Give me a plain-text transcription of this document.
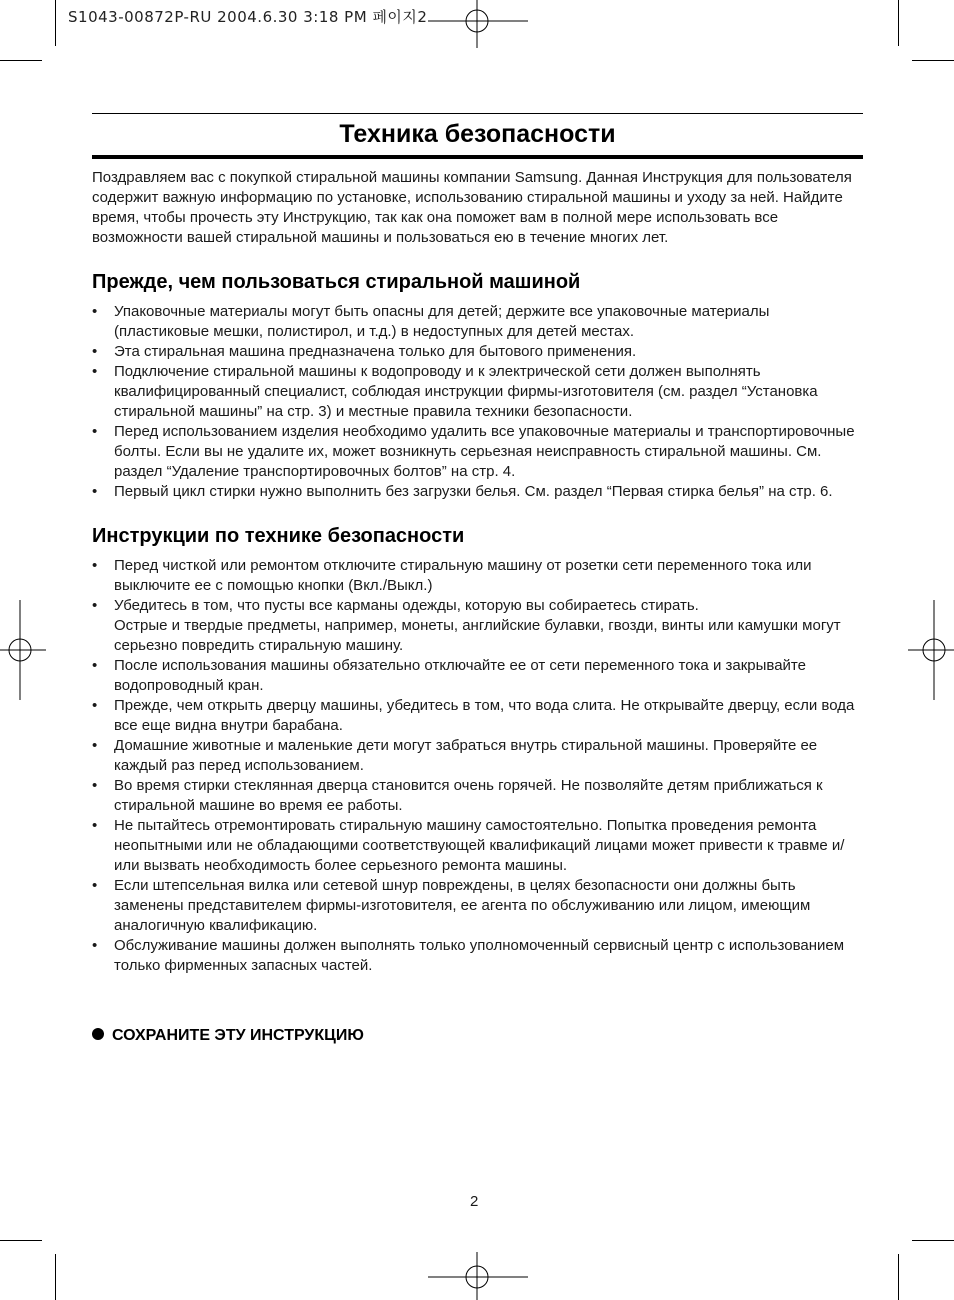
S1043-00872P-RU 2004.6.30 3:18 PM 페이지2
Техника безопасности

Поздравляем вас с покупкой стиральной машины компании Samsung. Данная Инструкция для пользователя содержит важную информацию по установке, использованию стиральной машины и уходу за ней. Найдите время, чтобы прочесть эту Инструкцию, так как она поможет вам в полной мере использовать все возможности вашей стиральной машины и пользоваться ею в течение многих лет.

Прежде, чем пользоваться стиральной машиной
• Упаковочные материалы могут быть опасны для детей; держите все упаковочные материалы (пластиковые мешки, полистирол, и т.д.) в недоступных для детей местах.
• Эта стиральная машина предназначена только для бытового применения.
• Подключение стиральной машины к водопроводу и к электрической сети должен выполнять квалифицированный специалист, соблюдая инструкции фирмы-изготовителя (см. раздел “Установка стиральной машины” на стр. 3) и местные правила техники безопасности.
• Перед использованием изделия необходимо удалить все упаковочные материалы и транспортировочные болты. Если вы не удалите их, может возникнуть серьезная неисправность стиральной машины. См. раздел “Удаление транспортировочных болтов” на стр. 4.
• Первый цикл стирки нужно выполнить без загрузки белья. См. раздел “Первая стирка белья” на стр. 6.
Инструкции по технике безопасности
• Перед чисткой или ремонтом отключите стиральную машину от розетки сети переменного тока или выключите ее с помощью кнопки (Вкл./Выкл.)
• Убедитесь в том, что пусты все карманы одежды, которую вы собираетесь стирать.
Острые и твердые предметы, например, монеты, английские булавки, гвозди, винты или камушки могут серьезно повредить стиральную машину.
• После использования машины обязательно отключайте ее от сети переменного тока и закрывайте водопроводный кран.
• Прежде, чем открыть дверцу машины, убедитесь в том, что вода слита. Не открывайте дверцу, если вода все еще видна внутри барабана.
• Домашние животные и маленькие дети могут забраться внутрь стиральной машины. Проверяйте ее каждый раз перед использованием.
• Во время стирки стеклянная дверца становится очень горячей. Не позволяйте детям приближаться к стиральной машине во время ее работы.
• Не пытайтесь отремонтировать стиральную машину самостоятельно. Попытка проведения ремонта неопытными или не обладающими соответствующей квалификаций лицами может привести к травме и/или вызвать необходимость более серьезного ремонта машины.
• Если штепсельная вилка или сетевой шнур повреждены, в целях безопасности они должны быть заменены представителем фирмы-изготовителя, ее агента по обслуживанию или лицом, имеющим аналогичную квалификацию.
• Обслуживание машины должен выполнять только уполномоченный сервисный центр с использованием только фирменных запасных частей.
СОХРАНИТЕ ЭТУ ИНСТРУКЦИЮ
2
